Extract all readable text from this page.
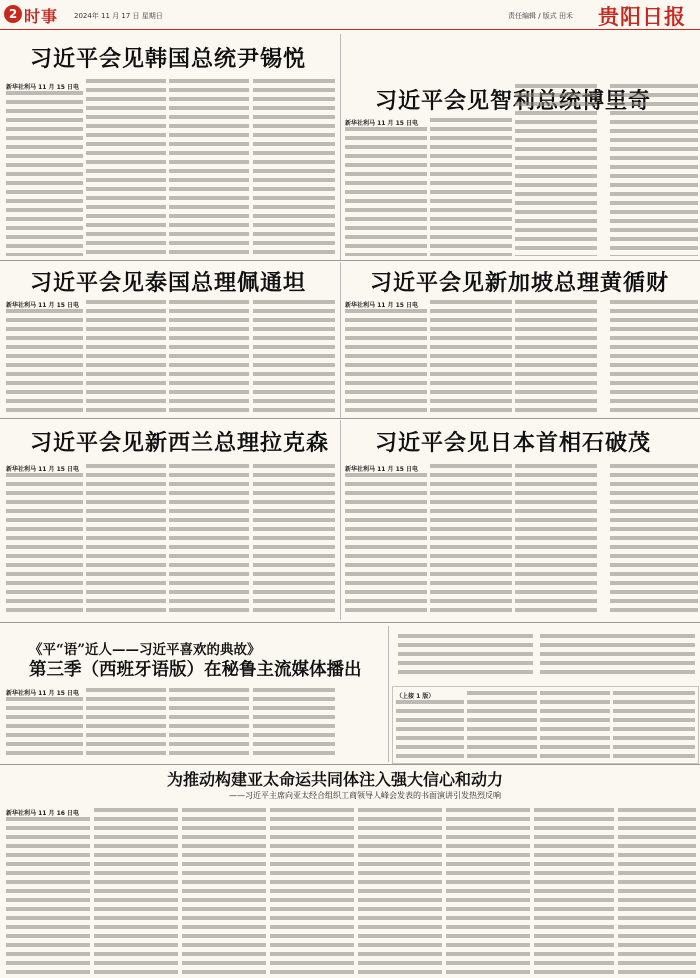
2 时事 2024年 11 月 17 日 星期日	责任编辑 / 版式 田禾 贵阳日报
习近平会见韩国总统尹锡悦
习近平会见智利总统博里奇
新华社利马 11 月 15 日电
新华社利马 11 月 15 日电
习近平会见泰国总理佩通坦	习近平会见新加坡总理黄循财
新华社利马 11 月 15 日电	新华社利马 11 月 15 日电
习近平会见新西兰总理拉克森 习近平会见日本首相石破茂
新华社利马 11 月 15 日电	新华社利马 11 月 15 日电
《平“语”近人——习近平喜欢的典故》
第三季（西班牙语版）在秘鲁主流媒体播出
新华社利马 11 月 15 日电	（上接 1 版）
为推动构建亚太命运共同体注入强大信心和动力
——习近平主席向亚太经合组织工商领导人峰会发表的书面演讲引发热烈反响
新华社利马 11 月 16 日电
